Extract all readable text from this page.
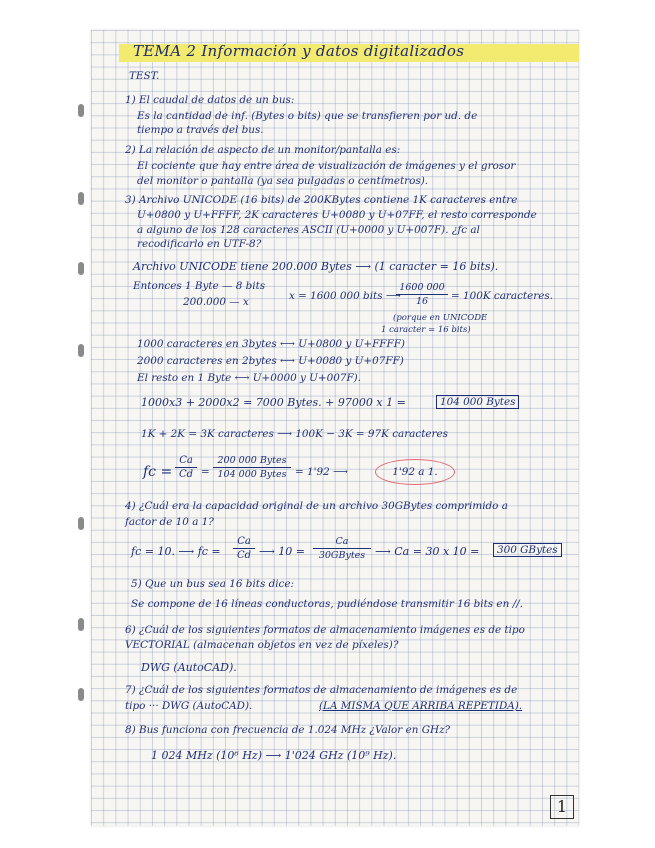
TEMA 2 Información y datos digitalizados
TEST.
1) El caudal de datos de un bus:
Es la cantidad de inf. (Bytes o bits) que se transfieren por ud. de
tiempo a través del bus.
2) La relación de aspecto de un monitor/pantalla es:
El cociente que hay entre área de visualización de imágenes y el grosor
del monitor o pantalla (ya sea pulgadas o centímetros).
3) Archivo UNICODE (16 bits) de 200KBytes contiene 1K caracteres entre
U+0800 y U+FFFF, 2K caracteres U+0080 y U+07FF, el resto corresponde
a alguno de los 128 caracteres ASCII (U+0000 y U+007F). ¿fc al
recodificarlo en UTF-8?
Archivo UNICODE tiene 200.000 Bytes ⟶ (1 caracter = 16 bits).
Entonces 1 Byte — 8 bits
200.000 — x	x = 1600 000 bits ⟶
1600 000
16	= 100K caracteres.
(porque en UNICODE
1 caracter = 16 bits)
1000 caracteres en 3bytes ⟷ U+0800 y U+FFFF)
2000 caracteres en 2bytes ⟷ U+0080 y U+07FF)
El resto en 1 Byte ⟷ U+0000 y U+007F).
1000x3 + 2000x2 = 7000 Bytes. + 97000 x 1 =	104 000 Bytes
1K + 2K = 3K caracteres ⟶ 100K − 3K = 97K caracteres
fc =
Ca
Cd =
200 000 Bytes
104 000 Bytes = 1'92 ⟶	1'92 a 1.
4) ¿Cuál era la capacidad original de un archivo 30GBytes comprimido a
factor de 10 a 1?
fc = 10. ⟶ fc =
Ca
Cd ⟶ 10 =
Ca
30GBytes ⟶ Ca = 30 x 10 =	300 GBytes
5) Que un bus sea 16 bits dice:
Se compone de 16 líneas conductoras, pudiéndose transmitir 16 bits en //.
6) ¿Cuál de los siguientes formatos de almacenamiento imágenes es de tipo
VECTORIAL (almacenan objetos en vez de píxeles)?
DWG (AutoCAD).
7) ¿Cuál de los siguientes formatos de almacenamiento de imágenes es de
tipo ··· DWG (AutoCAD).	(LA MISMA QUE ARRIBA REPETIDA).
8) Bus funciona con frecuencia de 1.024 MHz ¿Valor en GHz?
1 024 MHz (10⁶ Hz) ⟶ 1'024 GHz (10⁹ Hz).
1
